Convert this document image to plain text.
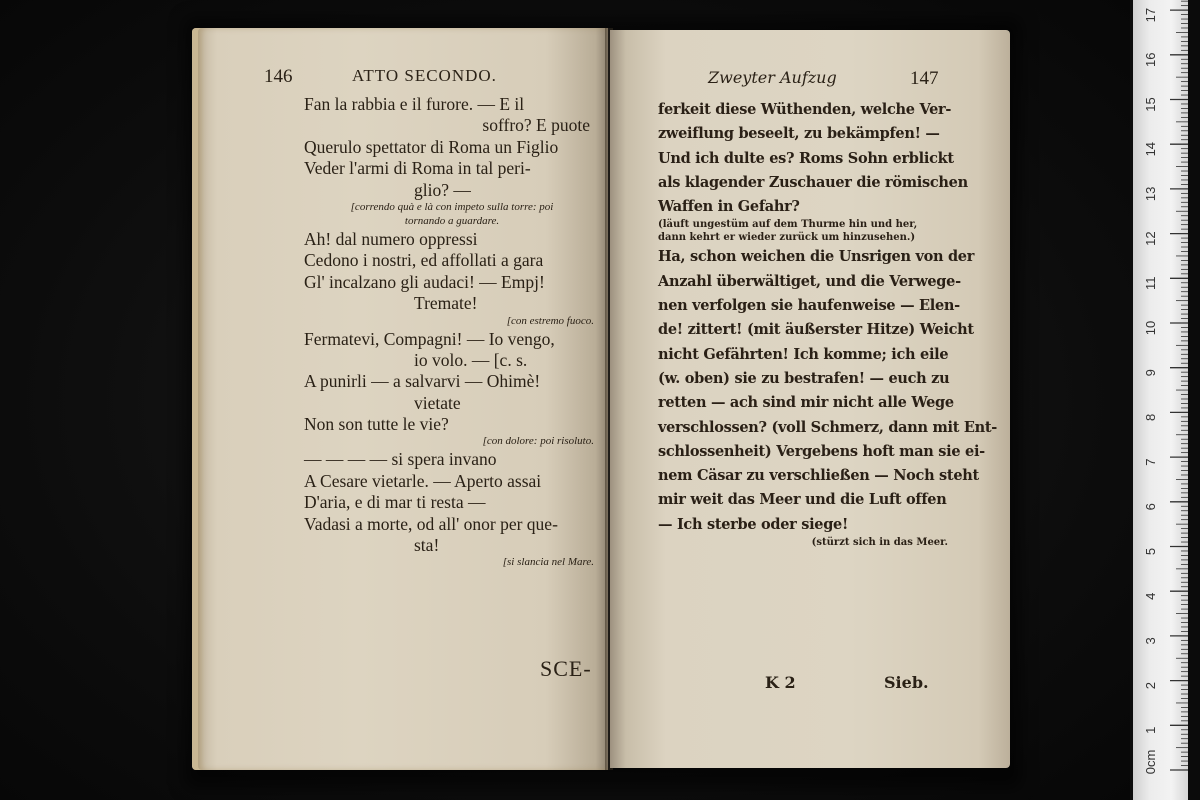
146	ATTO SECONDO.
Fan la rabbia e il furore. — E il
soffro? E puote
Querulo spettator di Roma un Figlio
Veder l'armi di Roma in tal peri-
glio? —
[correndo quà e là con impeto sulla torre: poi
tornando a guardare.
Ah! dal numero oppressi
Cedono i nostri, ed affollati a gara
Gl' incalzano gli audaci! — Empj!
Tremate!
[con estremo fuoco.
Fermatevi, Compagni! — Io vengo,
io volo. — [c. s.
A punirli — a salvarvi — Ohimè!
vietate
Non son tutte le vie?
[con dolore: poi risoluto.
— — — — si spera invano
A Cesare vietarle. — Aperto assai
D'aria, e di mar ti resta —
Vadasi a morte, od all' onor per que-
sta!
[si slancia nel Mare.
SCE-
Zweyter Aufzug	147
ferkeit diese Wüthenden, welche Ver-
zweiflung beseelt, zu bekämpfen! —
Und ich dulte es? Roms Sohn erblickt
als klagender Zuschauer die römischen
Waffen in Gefahr?
(läuft ungestüm auf dem Thurme hin und her,
dann kehrt er wieder zurück um hinzusehen.)
Ha, schon weichen die Unsrigen von der
Anzahl überwältiget, und die Verwege-
nen verfolgen sie haufenweise — Elen-
de! zittert! (mit äußerster Hitze) Weicht
nicht Gefährten! Ich komme; ich eile
(w. oben) sie zu bestrafen! — euch zu
retten — ach sind mir nicht alle Wege
verschlossen? (voll Schmerz, dann mit Ent-
schlossenheit) Vergebens hoft man sie ei-
nem Cäsar zu verschließen — Noch steht
mir weit das Meer und die Luft offen
— Ich sterbe oder siege!
(stürzt sich in das Meer.
K 2	Sieb.
0cm
1
2
3
4
5
6
7
8
9
10
11
12
13
14
15
16
17
